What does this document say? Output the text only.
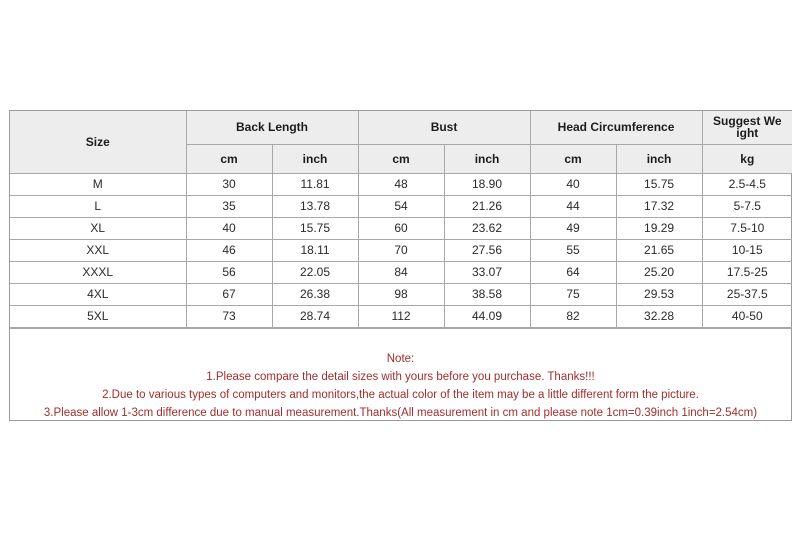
Size	Back Length		Bust		Head Circumference		Suggest Weight
	cm	inch	cm	inch	cm	inch	kg
M	30	11.81	48	18.90	40	15.75	2.5-4.5
L	35	13.78	54	21.26	44	17.32	5-7.5
XL	40	15.75	60	23.62	49	19.29	7.5-10
XXL	46	18.11	70	27.56	55	21.65	10-15
XXXL	56	22.05	84	33.07	64	25.20	17.5-25
4XL	67	26.38	98	38.58	75	29.53	25-37.5
5XL	73	28.74	112	44.09	82	32.28	40-50
Note:
1.Please compare the detail sizes with yours before you purchase. Thanks!!!
2.Due to various types of computers and monitors,the actual color of the item may be a little different form the picture.
3.Please allow 1-3cm difference due to manual measurement.Thanks(All measurement in cm and please note 1cm=0.39inch 1inch=2.54cm)
